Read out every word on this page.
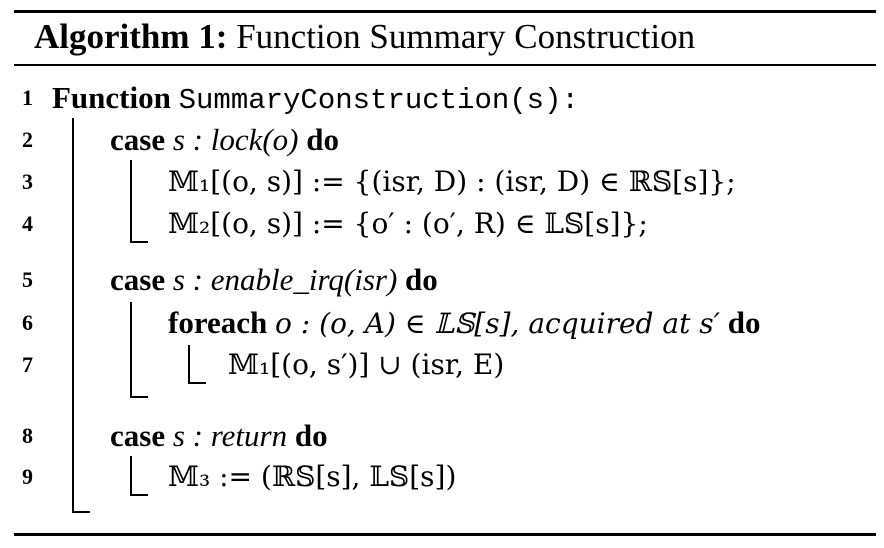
Algorithm 1: Function Summary Construction
1
2
3
4
5
6
7
8
9
Function SummaryConstruction(s):
case s : lock(o) do
𝕄₁[(o, s)] := {(isr, D) : (isr, D) ∈ ℝ𝕊[s]};
𝕄₂[(o, s)] := {o′ : (o′, R) ∈ 𝕃𝕊[s]};
case s : enable_irq(isr) do
foreach o : (o, A) ∈ 𝕃𝕊[s], acquired at s′ do
𝕄₁[(o, s′)] ∪ (isr, E)
case s : return do
𝕄₃ := (ℝ𝕊[s], 𝕃𝕊[s])
